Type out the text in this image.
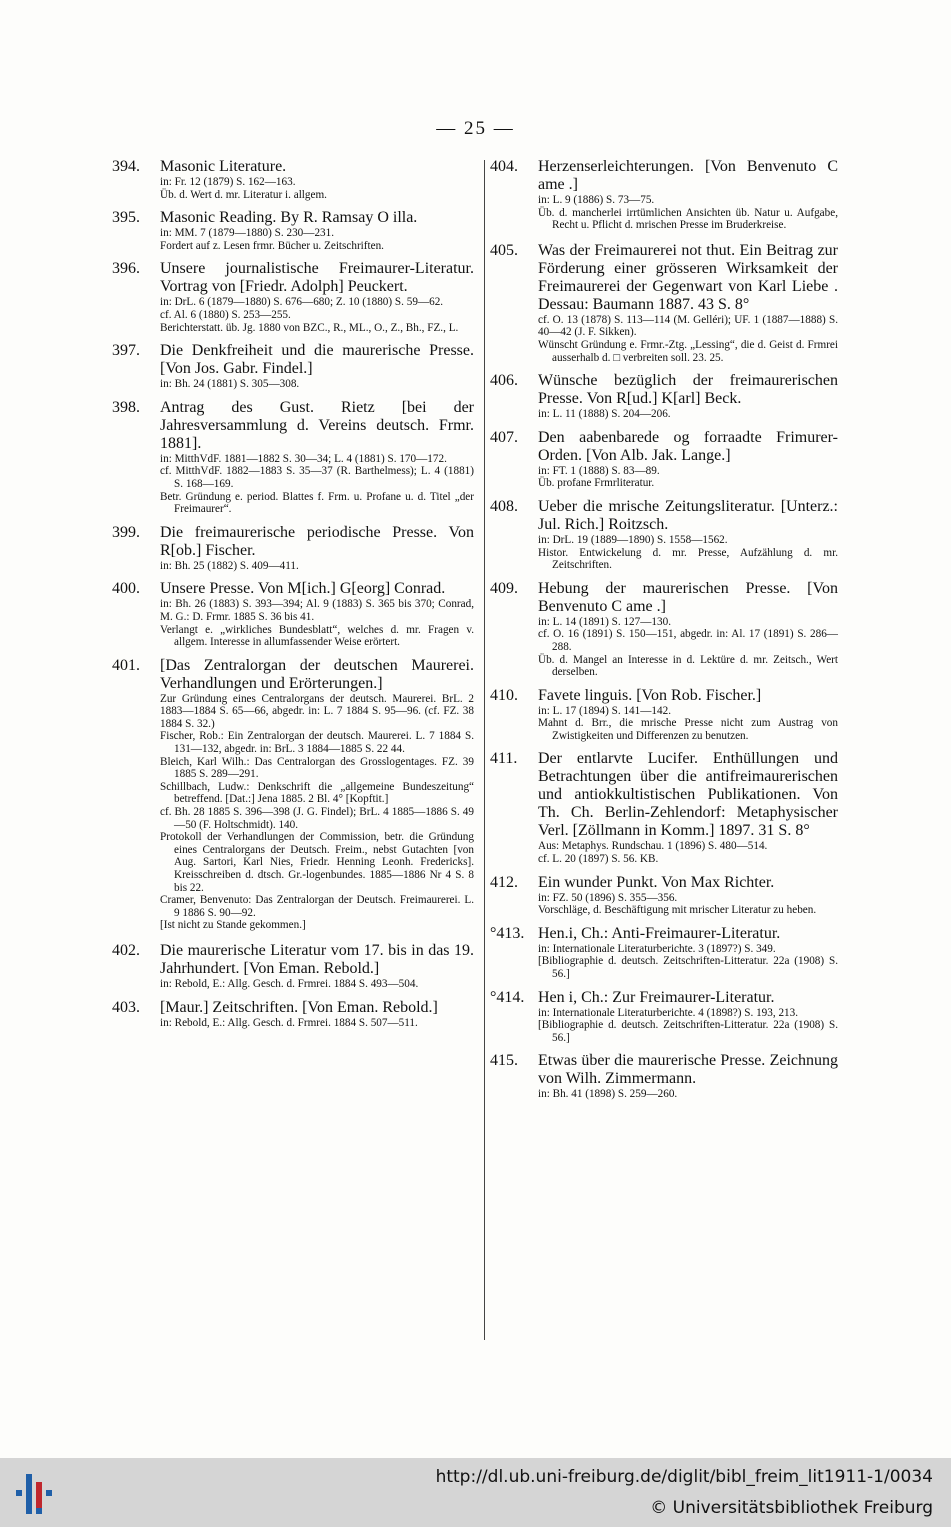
— 25 —
394.	Masonic Literature.
in: Fr. 12 (1879) S. 162—163.
Üb. d. Wert d. mr. Literatur i. allgem.
395.	Masonic Reading. By R. Ramsay O illa.
in: MM. 7 (1879—1880) S. 230—231.
Fordert auf z. Lesen frmr. Bücher u. Zeitschriften.
396.	Unsere journalistische Freimaurer-Literatur. Vortrag von [Friedr. Adolph] Peuckert.
in: DrL. 6 (1879—1880) S. 676—680; Z. 10 (1880) S. 59—62.
cf. Al. 6 (1880) S. 253—255.
Berichterstatt. üb. Jg. 1880 von BZC., R., ML., O., Z., Bh., FZ., L.
397.	Die Denkfreiheit und die maurerische Presse. [Von Jos. Gabr. Findel.]
in: Bh. 24 (1881) S. 305—308.
398.	Antrag des Gust. Rietz [bei der Jahresversammlung d. Vereins deutsch. Frmr. 1881].
in: MitthVdF. 1881—1882 S. 30—34; L. 4 (1881) S. 170—172.
cf. MitthVdF. 1882—1883 S. 35—37 (R. Barthelmess); L. 4 (1881) S. 168—169.
Betr. Gründung e. period. Blattes f. Frm. u. Profane u. d. Titel „der Freimaurer“.
399.	Die freimaurerische periodische Presse. Von R[ob.] Fischer.
in: Bh. 25 (1882) S. 409—411.
400.	Unsere Presse. Von M[ich.] G[eorg] Conrad.
in: Bh. 26 (1883) S. 393—394; Al. 9 (1883) S. 365 bis 370; Conrad, M. G.: D. Frmr. 1885 S. 36 bis 41.
Verlangt e. „wirkliches Bundesblatt“, welches d. mr. Fragen v. allgem. Interesse in allumfassender Weise erörtert.
401.	[Das Zentralorgan der deutschen Maurerei. Verhandlungen und Erörterungen.]
Zur Gründung eines Centralorgans der deutsch. Maurerei. BrL. 2 1883—1884 S. 65—66, abgedr. in: L. 7 1884 S. 95—96. (cf. FZ. 38 1884 S. 32.)
Fischer, Rob.: Ein Zentralorgan der deutsch. Maurerei. L. 7 1884 S. 131—132, abgedr. in: BrL. 3 1884—1885 S. 22 44.
Bleich, Karl Wilh.: Das Centralorgan des Grosslogentages. FZ. 39 1885 S. 289—291.
Schillbach, Ludw.: Denkschrift die „allgemeine Bundeszeitung“ betreffend. [Dat.:] Jena 1885. 2 Bl. 4° [Kopftit.]
cf. Bh. 28 1885 S. 396—398 (J. G. Findel); BrL. 4 1885—1886 S. 49—50 (F. Holtschmidt). 140.
Protokoll der Verhandlungen der Commission, betr. die Gründung eines Centralorgans der Deutsch. Freim., nebst Gutachten [von Aug. Sartori, Karl Nies, Friedr. Henning Leonh. Fredericks]. Kreisschreiben d. dtsch. Gr.-logenbundes. 1885—1886 Nr 4 S. 8 bis 22.
Cramer, Benvenuto: Das Zentralorgan der Deutsch. Freimaurerei. L. 9 1886 S. 90—92.
[Ist nicht zu Stande gekommen.]
402.	Die maurerische Literatur vom 17. bis in das 19. Jahrhundert. [Von Eman. Rebold.]
in: Rebold, E.: Allg. Gesch. d. Frmrei. 1884 S. 493—504.
403.	[Maur.] Zeitschriften. [Von Eman. Rebold.]
in: Rebold, E.: Allg. Gesch. d. Frmrei. 1884 S. 507—511.
404.	Herzenserleichterungen. [Von Benvenuto C ame .]
in: L. 9 (1886) S. 73—75.
Üb. d. mancherlei irrtümlichen Ansichten üb. Natur u. Aufgabe, Recht u. Pflicht d. mrischen Presse im Bruderkreise.
405.	Was der Freimaurerei not thut. Ein Beitrag zur Förderung einer grösseren Wirksamkeit der Freimaurerei der Gegenwart von Karl Liebe . Dessau: Baumann 1887. 43 S. 8°
cf. O. 13 (1878) S. 113—114 (M. Gelléri); UF. 1 (1887—1888) S. 40—42 (J. F. Sikken).
Wünscht Gründung e. Frmr.-Ztg. „Lessing“, die d. Geist d. Frmrei ausserhalb d. □ verbreiten soll. 23. 25.
406.	Wünsche bezüglich der freimaurerischen Presse. Von R[ud.] K[arl] Beck.
in: L. 11 (1888) S. 204—206.
407.	Den aabenbarede og forraadte Frimurer-Orden. [Von Alb. Jak. Lange.]
in: FT. 1 (1888) S. 83—89.
Üb. profane Frmrliteratur.
408.	Ueber die mrische Zeitungsliteratur. [Unterz.: Jul. Rich.] Roitzsch.
in: DrL. 19 (1889—1890) S. 1558—1562.
Histor. Entwickelung d. mr. Presse, Aufzählung d. mr. Zeitschriften.
409.	Hebung der maurerischen Presse. [Von Benvenuto C ame .]
in: L. 14 (1891) S. 127—130.
cf. O. 16 (1891) S. 150—151, abgedr. in: Al. 17 (1891) S. 286—288.
Üb. d. Mangel an Interesse in d. Lektüre d. mr. Zeitsch., Wert derselben.
410.	Favete linguis. [Von Rob. Fischer.]
in: L. 17 (1894) S. 141—142.
Mahnt d. Brr., die mrische Presse nicht zum Austrag von Zwistigkeiten und Differenzen zu benutzen.
411.	Der entlarvte Lucifer. Enthüllungen und Betrachtungen über die antifreimaurerischen und antiokkultistischen Publikationen. Von Th. Ch. Berlin-Zehlendorf: Metaphysischer Verl. [Zöllmann in Komm.] 1897. 31 S. 8°
Aus: Metaphys. Rundschau. 1 (1896) S. 480—514.
cf. L. 20 (1897) S. 56. KB.
412.	Ein wunder Punkt. Von Max Richter.
in: FZ. 50 (1896) S. 355—356.
Vorschläge, d. Beschäftigung mit mrischer Literatur zu heben.
°413. Hen.i, Ch.: Anti-Freimaurer-Literatur.
in: Internationale Literaturberichte. 3 (1897?) S. 349.
[Bibliographie d. deutsch. Zeitschriften-Litteratur. 22a (1908) S. 56.]
°414. Hen i, Ch.: Zur Freimaurer-Literatur.
in: Internationale Literaturberichte. 4 (1898?) S. 193, 213.
[Bibliographie d. deutsch. Zeitschriften-Litteratur. 22a (1908) S. 56.]
415.	Etwas über die maurerische Presse. Zeichnung von Wilh. Zimmermann.
in: Bh. 41 (1898) S. 259—260.
http://dl.ub.uni-freiburg.de/diglit/bibl_freim_lit1911-1/0034
© Universitätsbibliothek Freiburg
